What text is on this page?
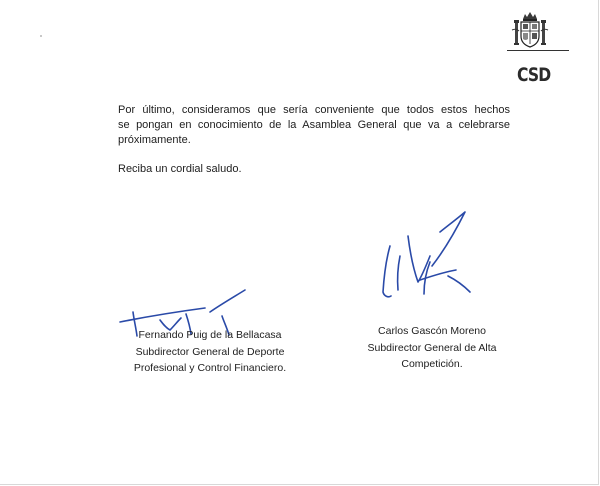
CSD

Por último, consideramos que sería conveniente que todos estos hechos se pongan en conocimiento de la Asamblea General que va a celebrarse próximamente.

Reciba un cordial saludo.

Fernando Puig de la Bellacasa
Subdirector General de Deporte
Profesional y Control Financiero.
Carlos Gascón Moreno
Subdirector General de Alta
Competición.
